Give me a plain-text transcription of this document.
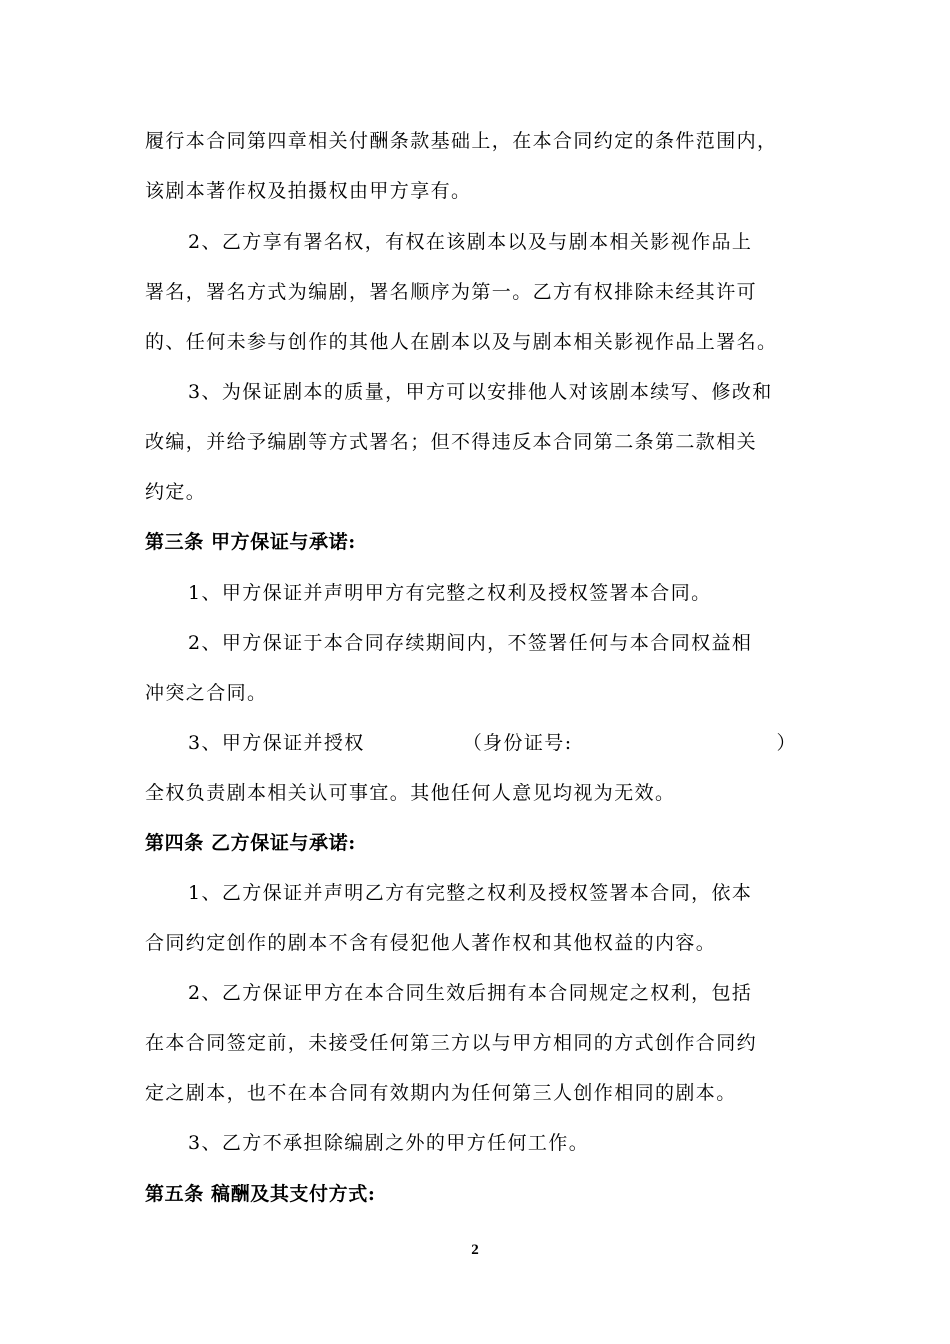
履行本合同第四章相关付酬条款基础上，在本合同约定的条件范围内，
该剧本著作权及拍摄权由甲方享有。
2、乙方享有署名权，有权在该剧本以及与剧本相关影视作品上
署名，署名方式为编剧，署名顺序为第一。乙方有权排除未经其许可
的、任何未参与创作的其他人在剧本以及与剧本相关影视作品上署名。
3、为保证剧本的质量，甲方可以安排他人对该剧本续写、修改和
改编，并给予编剧等方式署名；但不得违反本合同第二条第二款相关
约定。
第三条 甲方保证与承诺:
1、甲方保证并声明甲方有完整之权利及授权签署本合同。
2、甲方保证于本合同存续期间内，不签署任何与本合同权益相
冲突之合同。
3、甲方保证并授权	（身份证号:	）
全权负责剧本相关认可事宜。其他任何人意见均视为无效。
第四条 乙方保证与承诺:
1、乙方保证并声明乙方有完整之权利及授权签署本合同，依本
合同约定创作的剧本不含有侵犯他人著作权和其他权益的内容。
2、乙方保证甲方在本合同生效后拥有本合同规定之权利，包括
在本合同签定前，未接受任何第三方以与甲方相同的方式创作合同约
定之剧本，也不在本合同有效期内为任何第三人创作相同的剧本。
3、乙方不承担除编剧之外的甲方任何工作。
第五条 稿酬及其支付方式:
2
